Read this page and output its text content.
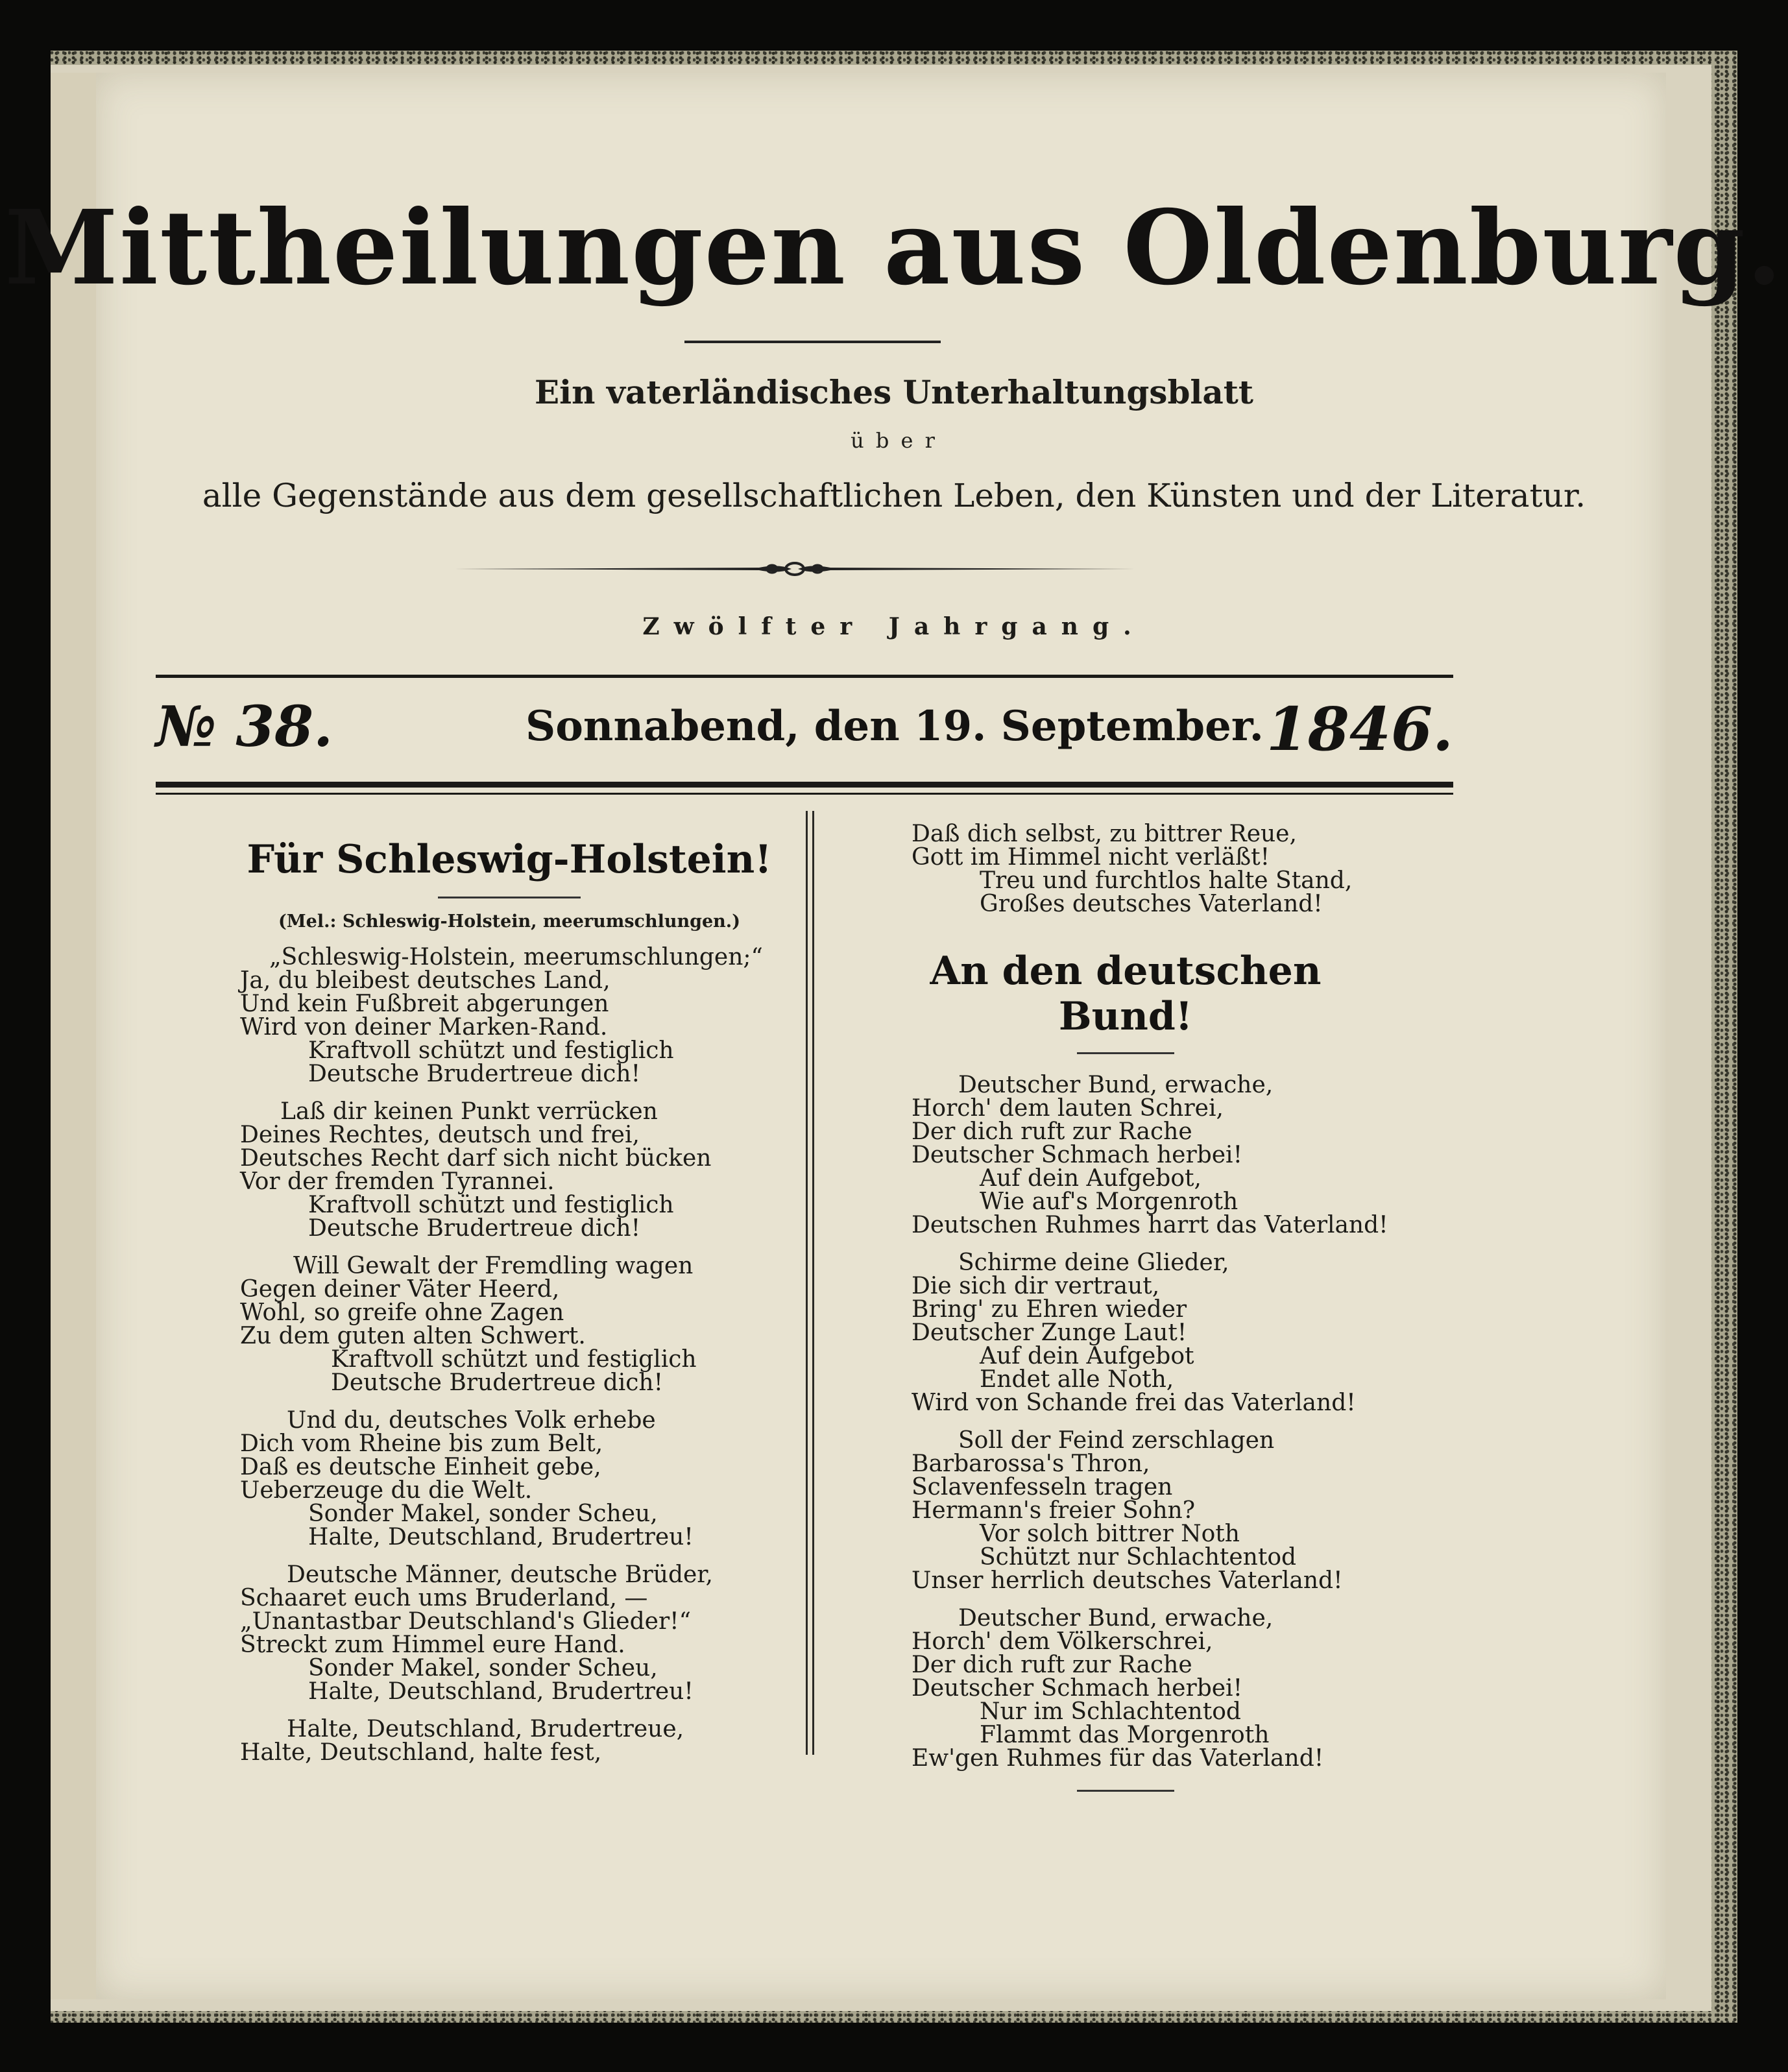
Mittheilungen aus Oldenburg.
Ein vaterländisches Unterhaltungsblatt
ü b e r
alle Gegenstände aus dem gesellschaftlichen Leben, den Künsten und der Literatur.
Zwölfter Jahrgang.
№ 38.	Sonnabend, den 19. September. 1846.
Für Schleswig-Holstein!
(Mel.: Schleswig-Holstein, meerumschlungen.)
„Schleswig-Holstein, meerumschlungen;“
Ja, du bleibest deutsches Land,
Und kein Fußbreit abgerungen
Wird von deiner Marken-Rand.
Kraftvoll schützt und festiglich
Deutsche Brudertreue dich!
Laß dir keinen Punkt verrücken
Deines Rechtes, deutsch und frei,
Deutsches Recht darf sich nicht bücken
Vor der fremden Tyrannei.
Kraftvoll schützt und festiglich
Deutsche Brudertreue dich!
Will Gewalt der Fremdling wagen
Gegen deiner Väter Heerd,
Wohl, so greife ohne Zagen
Zu dem guten alten Schwert.
Kraftvoll schützt und festiglich
Deutsche Brudertreue dich!
Und du, deutsches Volk erhebe
Dich vom Rheine bis zum Belt,
Daß es deutsche Einheit gebe,
Ueberzeuge du die Welt.
Sonder Makel, sonder Scheu,
Halte, Deutschland, Brudertreu!
Deutsche Männer, deutsche Brüder,
Schaaret euch ums Bruderland, —
„Unantastbar Deutschland's Glieder!“
Streckt zum Himmel eure Hand.
Sonder Makel, sonder Scheu,
Halte, Deutschland, Brudertreu!
Halte, Deutschland, Brudertreue,
Halte, Deutschland, halte fest,
Daß dich selbst, zu bittrer Reue,
Gott im Himmel nicht verläßt!
Treu und furchtlos halte Stand,
Großes deutsches Vaterland!
An den deutschen Bund!
Deutscher Bund, erwache,
Horch' dem lauten Schrei,
Der dich ruft zur Rache
Deutscher Schmach herbei!
Auf dein Aufgebot,
Wie auf's Morgenroth
Deutschen Ruhmes harrt das Vaterland!
Schirme deine Glieder,
Die sich dir vertraut,
Bring' zu Ehren wieder
Deutscher Zunge Laut!
Auf dein Aufgebot
Endet alle Noth,
Wird von Schande frei das Vaterland!
Soll der Feind zerschlagen
Barbarossa's Thron,
Sclavenfesseln tragen
Hermann's freier Sohn?
Vor solch bittrer Noth
Schützt nur Schlachtentod
Unser herrlich deutsches Vaterland!
Deutscher Bund, erwache,
Horch' dem Völkerschrei,
Der dich ruft zur Rache
Deutscher Schmach herbei!
Nur im Schlachtentod
Flammt das Morgenroth
Ew'gen Ruhmes für das Vaterland!
